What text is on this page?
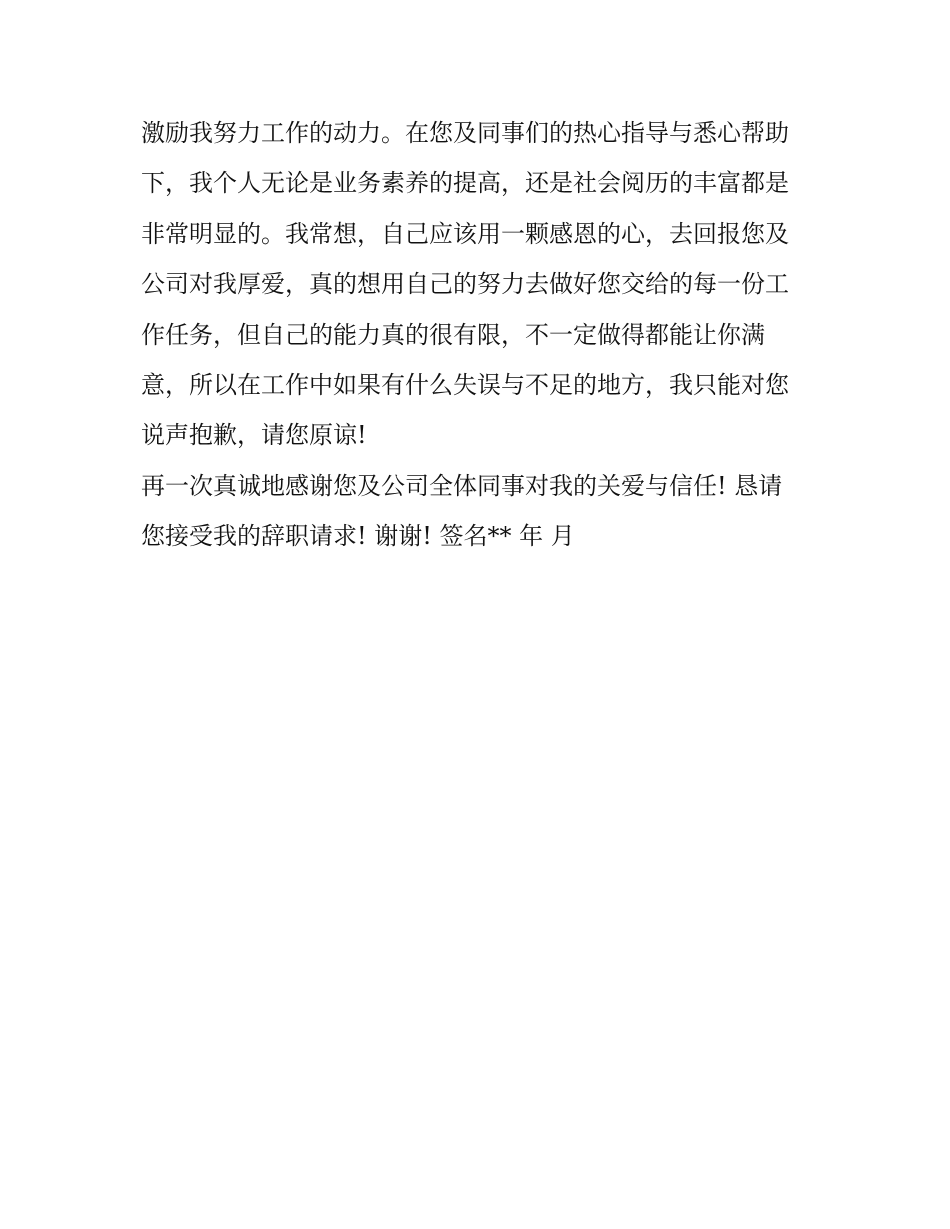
激励我努力工作的动力。在您及同事们的热心指导与悉心帮助
下，我个人无论是业务素养的提高，还是社会阅历的丰富都是
非常明显的。我常想，自己应该用一颗感恩的心，去回报您及
公司对我厚爱，真的想用自己的努力去做好您交给的每一份工
作任务，但自己的能力真的很有限，不一定做得都能让你满
意，所以在工作中如果有什么失误与不足的地方，我只能对您
说声抱歉，请您原谅!
再一次真诚地感谢您及公司全体同事对我的关爱与信任! 恳请
您接受我的辞职请求! 谢谢! 签名** 年 月
